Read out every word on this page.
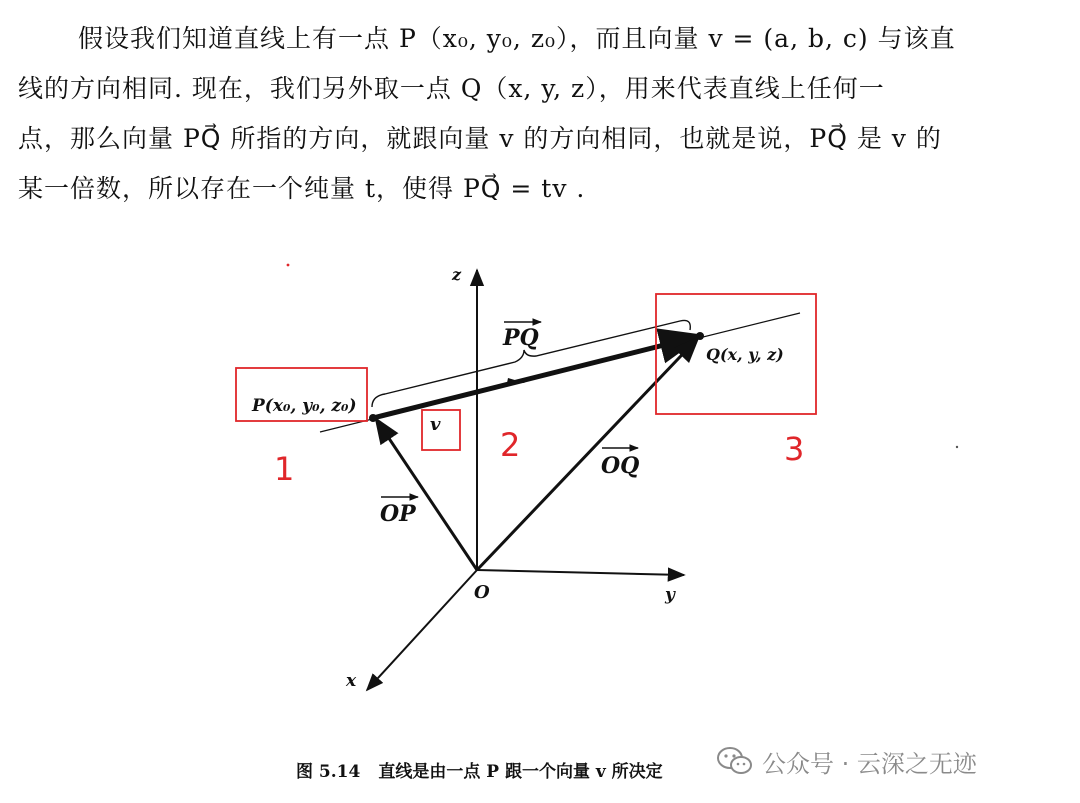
假设我们知道直线上有一点 P（x₀, y₀, z₀），而且向量 v = (a, b, c) 与该直
线的方向相同. 现在，我们另外取一点 Q（x, y, z），用来代表直线上任何一
点，那么向量 PQ⃗ 所指的方向，就跟向量 v 的方向相同，也就是说，PQ⃗ 是 v 的
某一倍数，所以存在一个纯量 t，使得 PQ⃗ = tv .
z
y
x
O
PQ
OP
OQ
v
P(x₀, y₀, z₀)
Q(x, y, z)
1
2	3
图 5.14 直线是由一点 P 跟一个向量 v 所决定	公众号 · 云深之无迹
